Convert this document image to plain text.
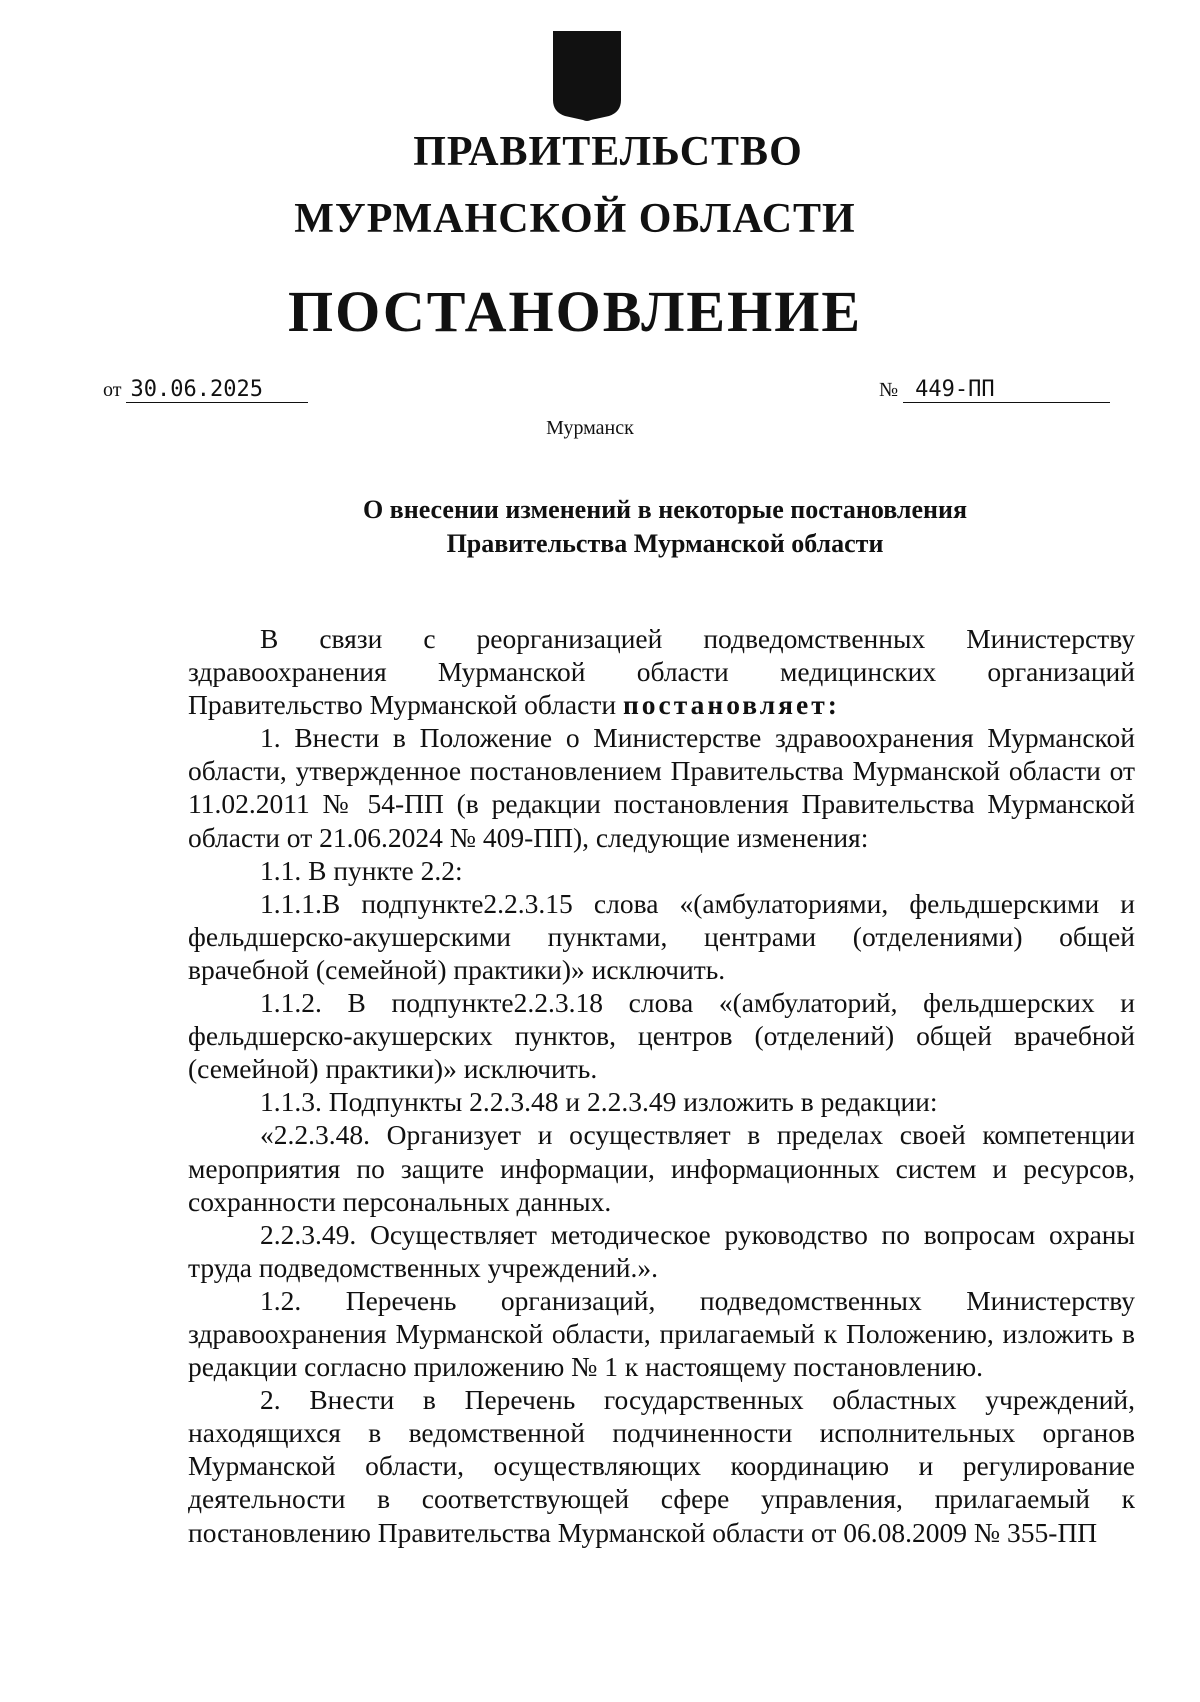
ПРАВИТЕЛЬСТВО
МУРМАНСКОЙ ОБЛАСТИ
ПОСТАНОВЛЕНИЕ
от 30.06.2025	№ 449-ПП
Мурманск
О внесении изменений в некоторые постановления
Правительства Мурманской области

В связи с реорганизацией подведомственных Министерству здравоохранения Мурманской области медицинских организаций Правительство Мурманской области постановляет:

1. Внести в Положение о Министерстве здравоохранения Мурманской области, утвержденное постановлением Правительства Мурманской области от 11.02.2011 № 54-ПП (в редакции постановления Правительства Мурманской области от 21.06.2024 № 409-ПП), следующие изменения:

1.1. В пункте 2.2:

1.1.1.В подпункте2.2.3.15 слова «(амбулаториями, фельдшерскими и фельдшерско-акушерскими пунктами, центрами (отделениями) общей врачебной (семейной) практики)» исключить.

1.1.2. В подпункте2.2.3.18 слова «(амбулаторий, фельдшерских и фельдшерско-акушерских пунктов, центров (отделений) общей врачебной (семейной) практики)» исключить.

1.1.3. Подпункты 2.2.3.48 и 2.2.3.49 изложить в редакции:

«2.2.3.48. Организует и осуществляет в пределах своей компетенции мероприятия по защите информации, информационных систем и ресурсов, сохранности персональных данных.

2.2.3.49. Осуществляет методическое руководство по вопросам охраны труда подведомственных учреждений.».

1.2. Перечень организаций, подведомственных Министерству здравоохранения Мурманской области, прилагаемый к Положению, изложить в редакции согласно приложению № 1 к настоящему постановлению.

2. Внести в Перечень государственных областных учреждений, находящихся в ведомственной подчиненности исполнительных органов Мурманской области, осуществляющих координацию и регулирование деятельности в соответствующей сфере управления, прилагаемый к постановлению Правительства Мурманской области от 06.08.2009 № 355-ПП
